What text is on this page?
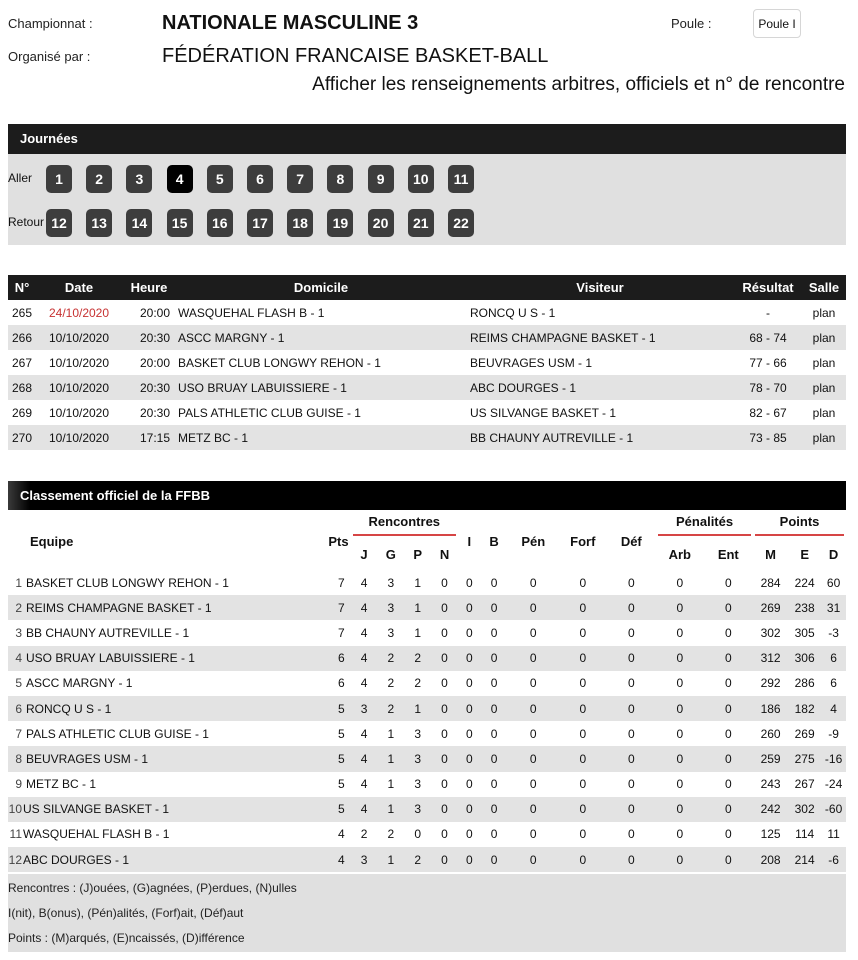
Championnat :	NATIONALE MASCULINE 3
Organisé par :	FÉDÉRATION FRANCAISE BASKET-BALL
Poule :	Poule I
Afficher les renseignements arbitres, officiels et n° de rencontre
Journées
Aller
Retour
1	2	3	4	5	6	7	8	9	10	11
12	13	14	15	16	17	18	19	20	21	22
N°	Date	Heure	Domicile	Visiteur	Résultat	Salle
265	24/10/2020	20:00	WASQUEHAL FLASH B - 1	RONCQ U S - 1	-	plan
266	10/10/2020	20:30	ASCC MARGNY - 1	REIMS CHAMPAGNE BASKET - 1	68 - 74	plan
267	10/10/2020	20:00	BASKET CLUB LONGWY REHON - 1	BEUVRAGES USM - 1	77 - 66	plan
268	10/10/2020	20:30	USO BRUAY LABUISSIERE - 1	ABC DOURGES - 1	78 - 70	plan
269	10/10/2020	20:30	PALS ATHLETIC CLUB GUISE - 1	US SILVANGE BASKET - 1	82 - 67	plan
270	10/10/2020	17:15	METZ BC - 1	BB CHAUNY AUTREVILLE - 1	73 - 85	plan
Classement officiel de la FFBB
Equipe	Pts	Rencontres				I	B	Pén	Forf	Déf	Pénalités		Points		
		J	G	P	N						Arb	Ent	M	E	D
1 BASKET CLUB LONGWY REHON - 1	7	4	3	1	0	0	0	0	0	0	0	0	284	224	60
2 REIMS CHAMPAGNE BASKET - 1	7	4	3	1	0	0	0	0	0	0	0	0	269	238	31
3 BB CHAUNY AUTREVILLE - 1	7	4	3	1	0	0	0	0	0	0	0	0	302	305	-3
4 USO BRUAY LABUISSIERE - 1	6	4	2	2	0	0	0	0	0	0	0	0	312	306	6
5 ASCC MARGNY - 1	6	4	2	2	0	0	0	0	0	0	0	0	292	286	6
6 RONCQ U S - 1	5	3	2	1	0	0	0	0	0	0	0	0	186	182	4
7 PALS ATHLETIC CLUB GUISE - 1	5	4	1	3	0	0	0	0	0	0	0	0	260	269	-9
8 BEUVRAGES USM - 1	5	4	1	3	0	0	0	0	0	0	0	0	259	275	-16
9 METZ BC - 1	5	4	1	3	0	0	0	0	0	0	0	0	243	267	-24
10US SILVANGE BASKET - 1	5	4	1	3	0	0	0	0	0	0	0	0	242	302	-60
11WASQUEHAL FLASH B - 1	4	2	2	0	0	0	0	0	0	0	0	0	125	114	11
12ABC DOURGES - 1	4	3	1	2	0	0	0	0	0	0	0	0	208	214	-6
Rencontres : (J)ouées, (G)agnées, (P)erdues, (N)ulles
I(nit), B(onus), (Pén)alités, (Forf)ait, (Déf)aut
Points : (M)arqués, (E)ncaissés, (D)ifférence
